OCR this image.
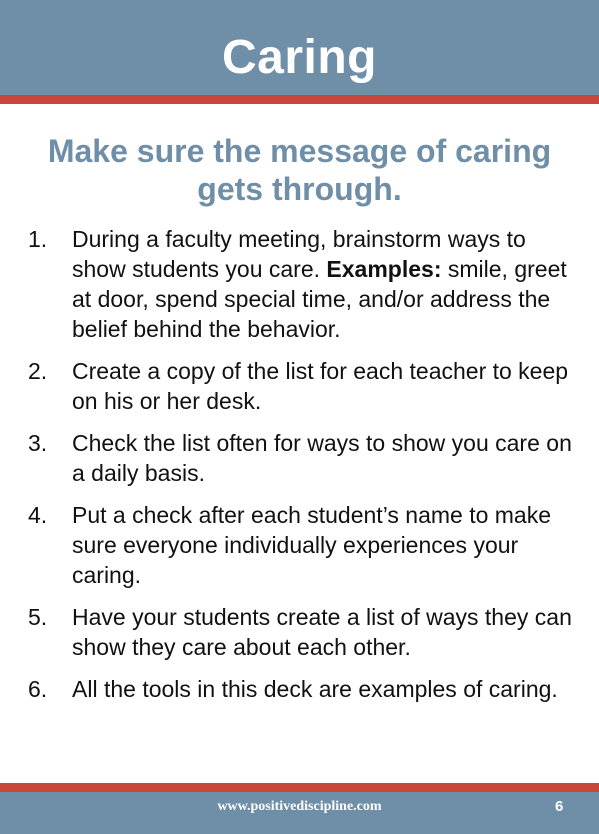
Caring
Make sure the message of caring gets through.
1. During a faculty meeting, brainstorm ways to show students you care. Examples: smile, greet at door, spend special time, and/or address the belief behind the behavior.
2. Create a copy of the list for each teacher to keep on his or her desk.
3. Check the list often for ways to show you care on a daily basis.
4. Put a check after each student’s name to make sure everyone individually experiences your caring.
5. Have your students create a list of ways they can show they care about each other.
6. All the tools in this deck are examples of caring.
www.positivediscipline.com	6
